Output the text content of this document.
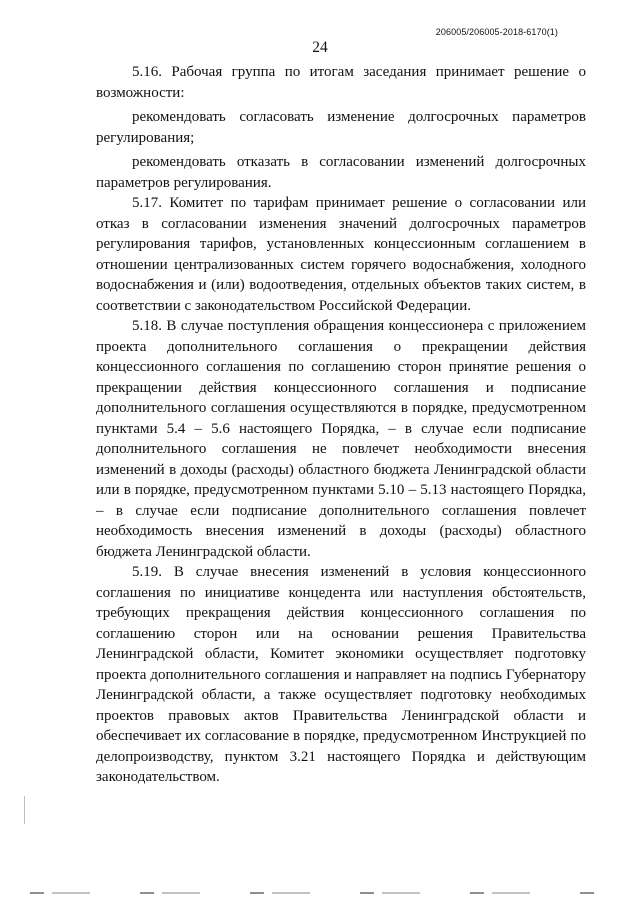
206005/206005-2018-6170(1)
24

5.16. Рабочая группа по итогам заседания принимает решение о возможности:

рекомендовать согласовать изменение долгосрочных параметров регулирования;

рекомендовать отказать в согласовании изменений долгосрочных параметров регулирования.

5.17. Комитет по тарифам принимает решение о согласовании или отказ в согласовании изменения значений долгосрочных параметров регулирования тарифов, установленных концессионным соглашением в отношении централизованных систем горячего водоснабжения, холодного водоснабжения и (или) водоотведения, отдельных объектов таких систем, в соответствии с законодательством Российской Федерации.

5.18. В случае поступления обращения концессионера с приложением проекта дополнительного соглашения о прекращении действия концессионного соглашения по соглашению сторон принятие решения о прекращении действия концессионного соглашения и подписание дополнительного соглашения осуществляются в порядке, предусмотренном пунктами 5.4 – 5.6 настоящего Порядка, – в случае если подписание дополнительного соглашения не повлечет необходимости внесения изменений в доходы (расходы) областного бюджета Ленинградской области или в порядке, предусмотренном пунктами 5.10 – 5.13 настоящего Порядка, – в случае если подписание дополнительного соглашения повлечет необходимость внесения изменений в доходы (расходы) областного бюджета Ленинградской области.

5.19. В случае внесения изменений в условия концессионного соглашения по инициативе концедента или наступления обстоятельств, требующих прекращения действия концессионного соглашения по соглашению сторон или на основании решения Правительства Ленинградской области, Комитет экономики осуществляет подготовку проекта дополнительного соглашения и направляет на подпись Губернатору Ленинградской области, а также осуществляет подготовку необходимых проектов правовых актов Правительства Ленинградской области и обеспечивает их согласование в порядке, предусмотренном Инструкцией по делопроизводству, пунктом 3.21 настоящего Порядка и действующим законодательством.
